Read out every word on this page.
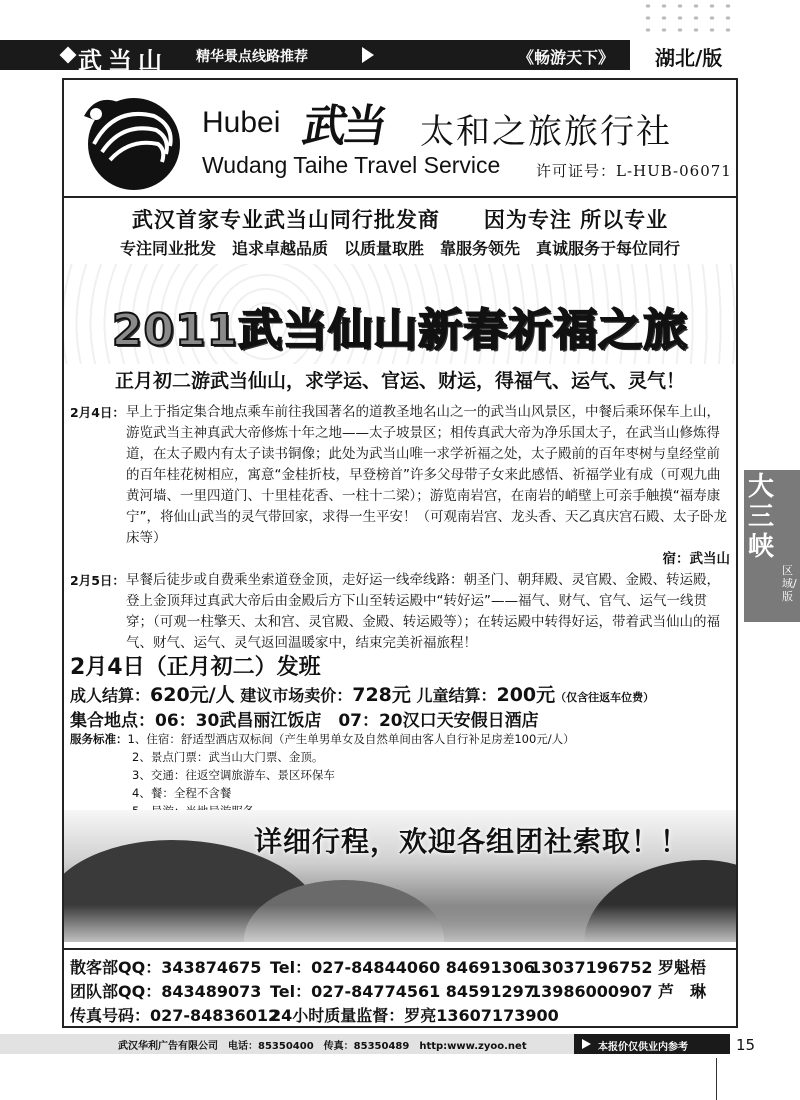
武当山 精华景点线路推荐	《畅游天下》	湖北/版
Hubei 武当 太和之旅旅行社
Wudang Taihe Travel Service 许可证号：L-HUB-06071
武汉首家专业武当山同行批发商　　因为专注 所以专业
专注同业批发　追求卓越品质　以质量取胜　靠服务领先　真诚服务于每位同行
2011武当仙山新春祈福之旅
正月初二游武当仙山，求学运、官运、财运，得福气、运气、灵气！
2月4日： 早上于指定集合地点乘车前往我国著名的道教圣地名山之一的武当山风景区，中餐后乘环保车上山，游览武当主神真武大帝修炼十年之地——太子坡景区；相传真武大帝为净乐国太子，在武当山修炼得道，在太子殿内有太子读书铜像；此处为武当山唯一求学祈福之处，太子殿前的百年枣树与皇经堂前的百年桂花树相应，寓意“金桂折枝，早登榜首”许多父母带子女来此感悟、祈福学业有成（可观九曲黄河墙、一里四道门、十里桂花香、一柱十二梁）；游览南岩宫，在南岩的峭壁上可亲手触摸“福寿康宁”，将仙山武当的灵气带回家，求得一生平安！（可观南岩宫、龙头香、天乙真庆宫石殿、太子卧龙床等）
宿：武当山
2月5日： 早餐后徒步或自费乘坐索道登金顶，走好运一线牵线路：朝圣门、朝拜殿、灵官殿、金殿、转运殿，登上金顶拜过真武大帝后由金殿后方下山至转运殿中“转好运”——福气、财气、官气、运气一线贯穿；（可观一柱擎天、太和宫、灵官殿、金殿、转运殿等）；在转运殿中转得好运，带着武当仙山的福气、财气、运气、灵气返回温暖家中，结束完美祈福旅程！
2月4日（正月初二）发班
成人结算：620元/人 建议市场卖价：728元 儿童结算：200元（仅含往返车位费）
集合地点：06：30武昌丽江饭店　07：20汉口天安假日酒店
服务标准：1、住宿：舒适型酒店双标间（产生单男单女及自然单间由客人自行补足房差100元/人）
2、景点门票：武当山大门票、金顶。
3、交通：往返空调旅游车、景区环保车
4、餐：全程不含餐
详细行程，欢迎各组团社索取！！
散客部QQ：343874675 Tel：027-84844060 84691306
13037196752 罗魁梧
团队部QQ：843489073 Tel：027-84774561 84591297
13986000907 芦　琳
传真号码：027-84836012
24小时质量监督：罗亮13607173900
大三峡
区域/版
武汉华利广告有限公司　电话：85350400　传真：85350489　http:www.zyoo.net	本报价仅供业内参考	15
